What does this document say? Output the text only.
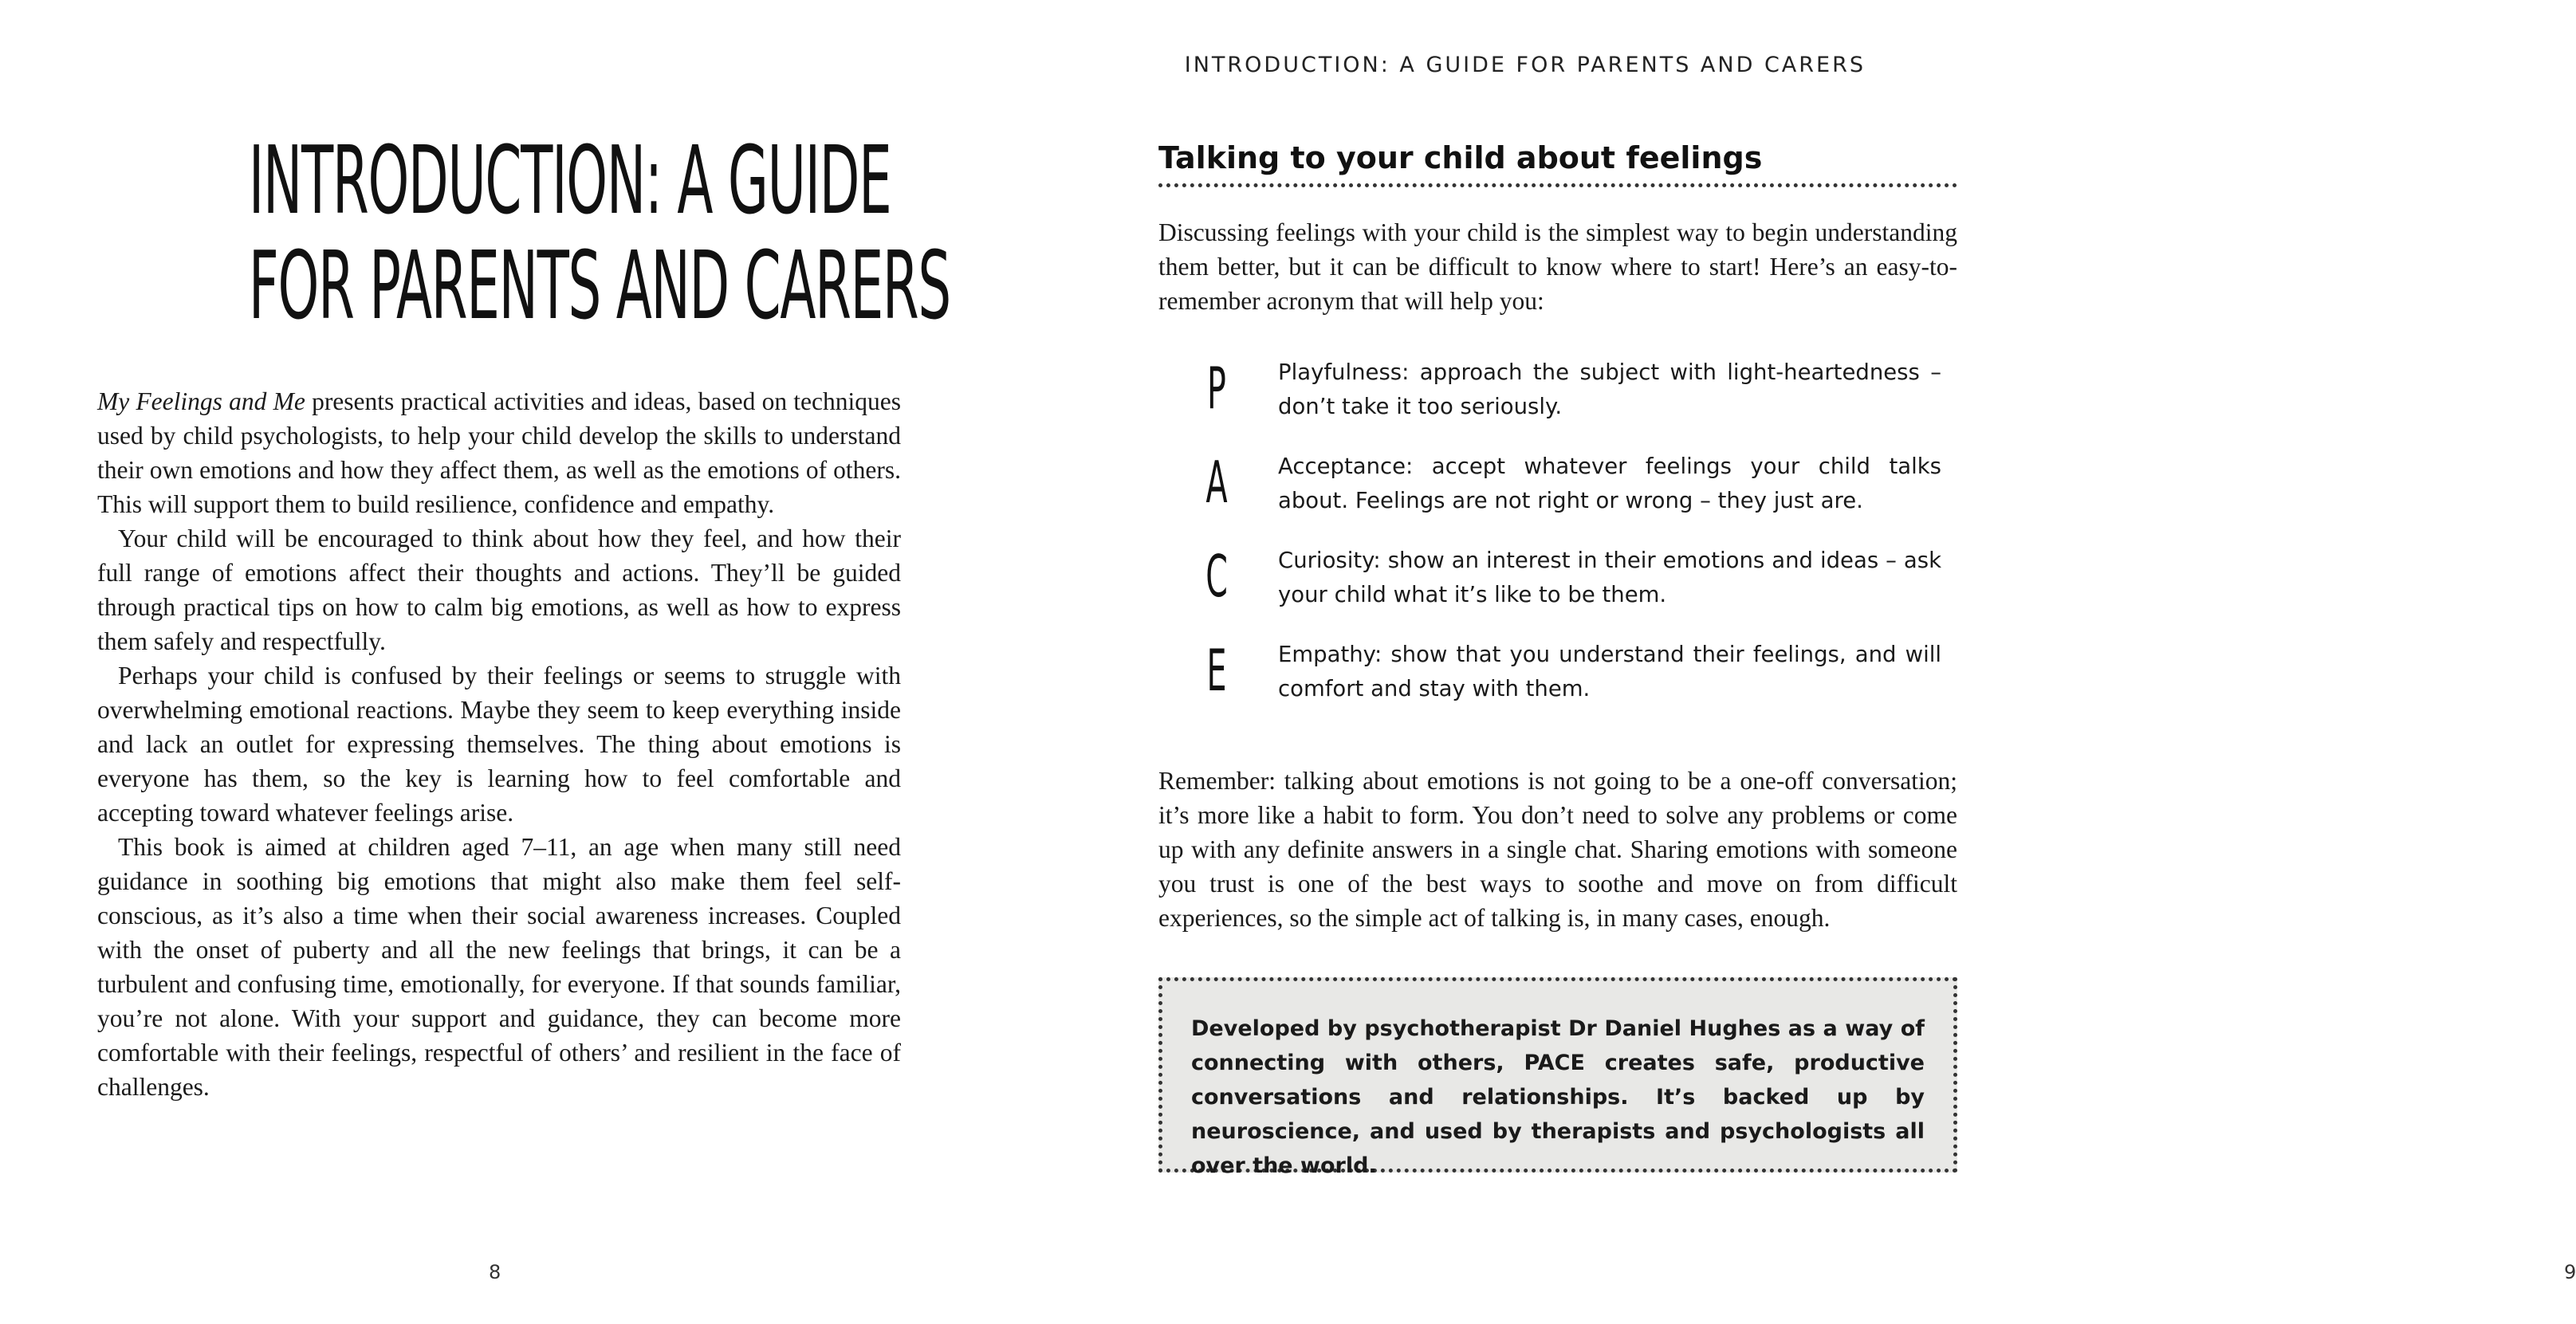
INTRODUCTION: A GUIDE
FOR PARENTS AND CARERS

My Feelings and Me presents practical activities and ideas, based on techniques used by child psychologists, to help your child develop the skills to understand their own emotions and how they affect them, as well as the emotions of others. This will support them to build resilience, confidence and empathy.

Your child will be encouraged to think about how they feel, and how their full range of emotions affect their thoughts and actions. They’ll be guided through practical tips on how to calm big emotions, as well as how to express them safely and respectfully.

Perhaps your child is confused by their feelings or seems to struggle with overwhelming emotional reactions. Maybe they seem to keep everything inside and lack an outlet for expressing themselves. The thing about emotions is everyone has them, so the key is learning how to feel comfortable and accepting toward whatever feelings arise.

This book is aimed at children aged 7–11, an age when many still need guidance in soothing big emotions that might also make them feel self-conscious, as it’s also a time when their social awareness increases. Coupled with the onset of puberty and all the new feelings that brings, it can be a turbulent and confusing time, emotionally, for everyone. If that sounds familiar, you’re not alone. With your support and guidance, they can become more comfortable with their feelings, respectful of others’ and resilient in the face of challenges.

8
INTRODUCTION: A GUIDE FOR PARENTS AND CARERS
Talking to your child about feelings

Discussing feelings with your child is the simplest way to begin understanding them better, but it can be difficult to know where to start! Here’s an easy-to-remember acronym that will help you:

P Playfulness: approach the subject with light-heartedness – don’t take it too seriously.
A Acceptance: accept whatever feelings your child talks about. Feelings are not right or wrong – they just are.
C Curiosity: show an interest in their emotions and ideas – ask your child what it’s like to be them.
E Empathy: show that you understand their feelings, and will comfort and stay with them.

Remember: talking about emotions is not going to be a one-off conversation; it’s more like a habit to form. You don’t need to solve any problems or come up with any definite answers in a single chat. Sharing emotions with someone you trust is one of the best ways to soothe and move on from difficult experiences, so the simple act of talking is, in many cases, enough.

Developed by psychotherapist Dr Daniel Hughes as a way of connecting with others, PACE creates safe, productive conversations and relationships. It’s backed up by neuroscience, and used by therapists and psychologists all over the world.
9
